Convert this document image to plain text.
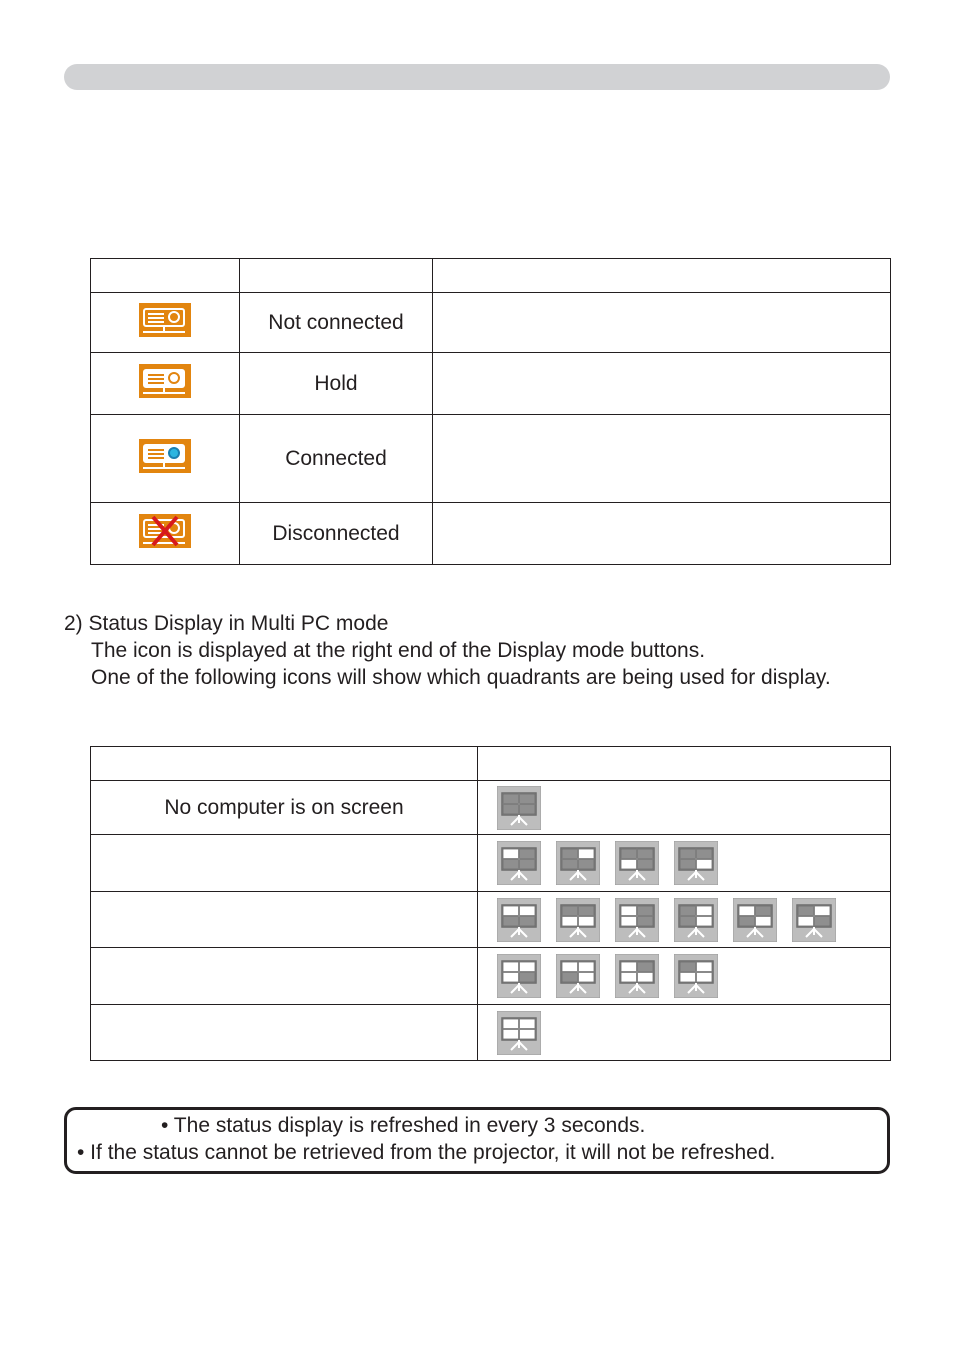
	Not connected	
	Hold	
	Connected	
	Disconnected	
2) Status Display in Multi PC mode
The icon is displayed at the right end of the Display mode buttons.
One of the following icons will show which quadrants are being used for display.

No computer is on screen	

• The status display is refreshed in every 3 seconds.
• If the status cannot be retrieved from the projector, it will not be refreshed.
